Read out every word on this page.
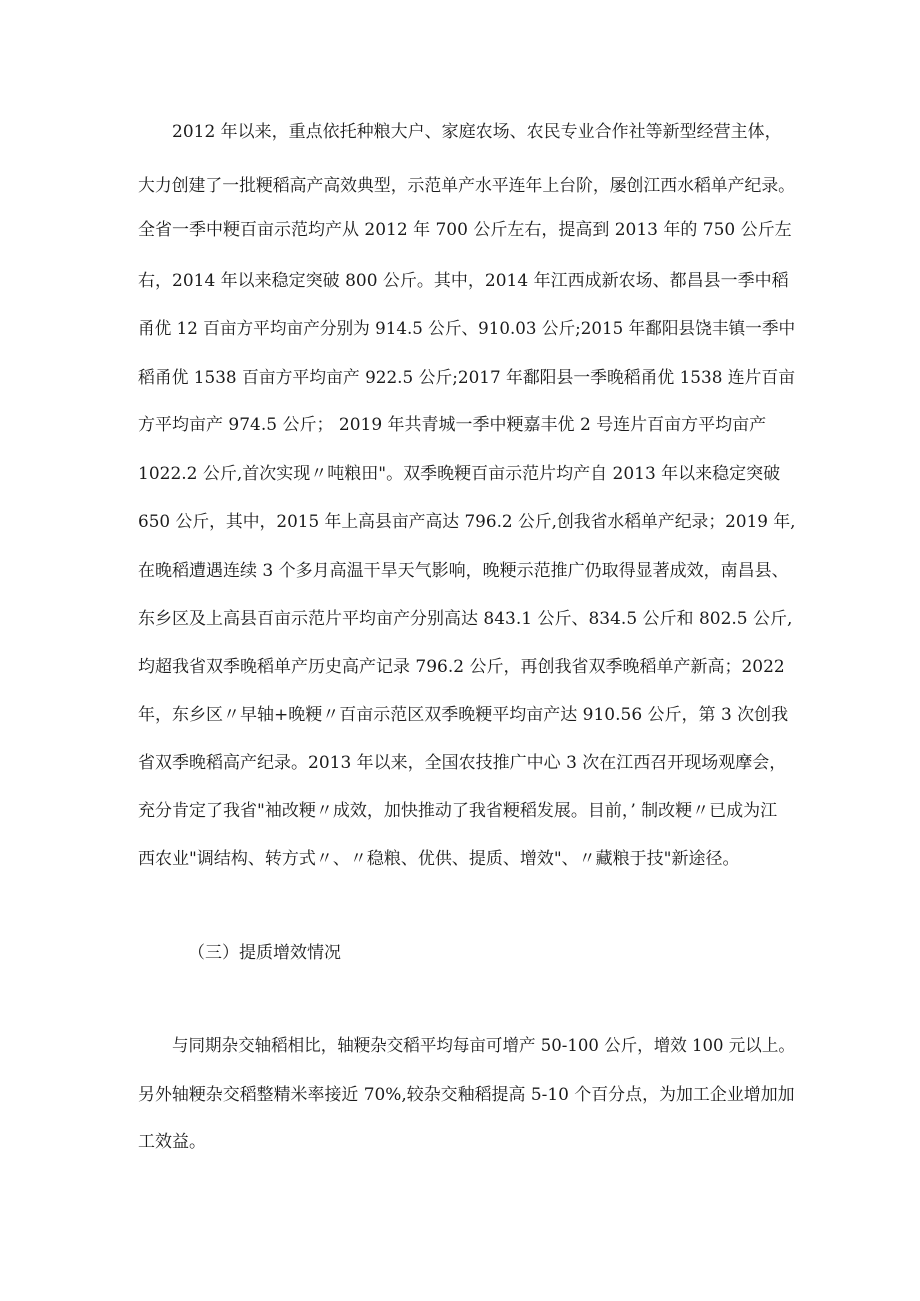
2012 年以来，重点依托种粮大户、家庭农场、农民专业合作社等新型经营主体，
大力创建了一批粳稻高产高效典型，示范单产水平连年上台阶，屡创江西水稻单产纪录。
全省一季中粳百亩示范均产从 2012 年 700 公斤左右，提高到 2013 年的 750 公斤左
右，2014 年以来稳定突破 800 公斤。其中，2014 年江西成新农场、都昌县一季中稻
甬优 12 百亩方平均亩产分别为 914.5 公斤、910.03 公斤;2015 年鄱阳县饶丰镇一季中
稻甬优 1538 百亩方平均亩产 922.5 公斤;2017 年鄱阳县一季晚稻甬优 1538 连片百亩
方平均亩产 974.5 公斤； 2019 年共青城一季中粳嘉丰优 2 号连片百亩方平均亩产
1022.2 公斤,首次实现〃吨粮田"。双季晚粳百亩示范片均产自 2013 年以来稳定突破
650 公斤，其中，2015 年上高县亩产高达 796.2 公斤,创我省水稻单产纪录；2019 年,
在晚稻遭遇连续 3 个多月高温干旱天气影响，晚粳示范推广仍取得显著成效，南昌县、
东乡区及上高县百亩示范片平均亩产分别高达 843.1 公斤、834.5 公斤和 802.5 公斤,
均超我省双季晚稻单产历史高产记录 796.2 公斤，再创我省双季晚稻单产新高；2022
年，东乡区〃早轴+晚粳〃百亩示范区双季晚粳平均亩产达 910.56 公斤，第 3 次创我
省双季晚稻高产纪录。2013 年以来，全国农技推广中心 3 次在江西召开现场观摩会，
充分肯定了我省"袖改粳〃成效，加快推动了我省粳稻发展。目前，’ 制改粳〃已成为江
西农业"调结构、转方式〃、〃稳粮、优供、提质、增效"、〃藏粮于技"新途径。
（三）提质增效情况
与同期杂交轴稻相比，轴粳杂交稻平均每亩可增产 50-100 公斤，增效 100 元以上。
另外轴粳杂交稻整精米率接近 70%,较杂交釉稻提高 5-10 个百分点，为加工企业增加加
工效益。
